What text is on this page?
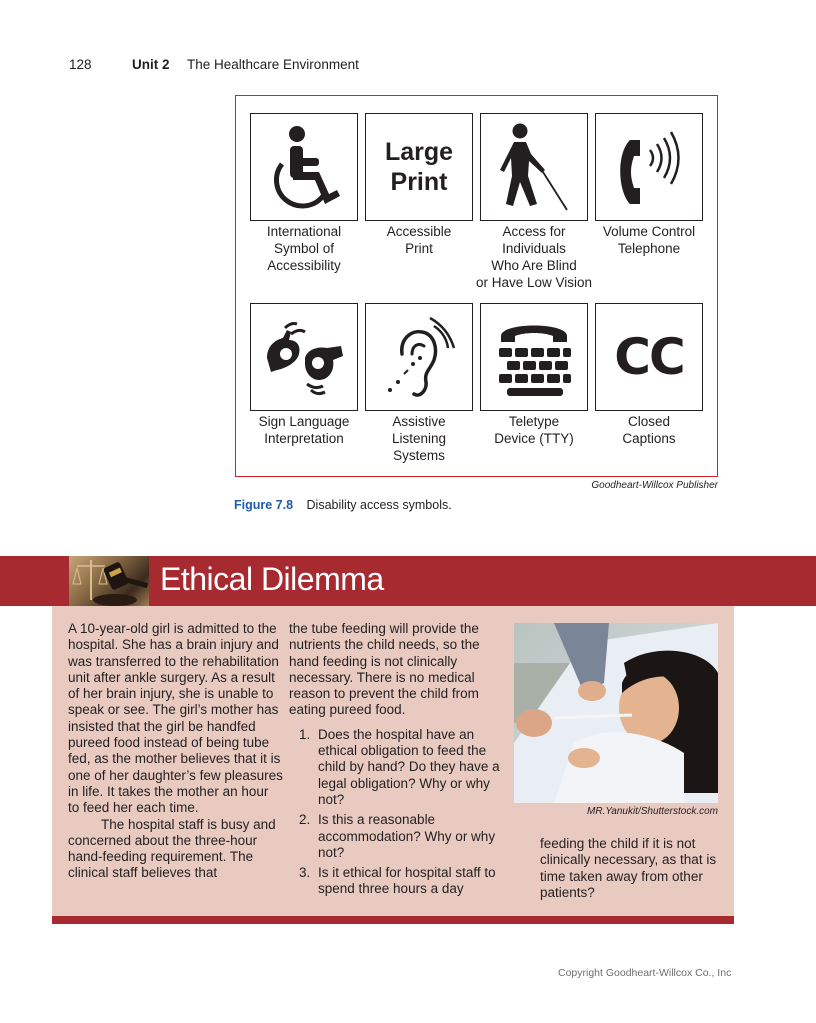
128	Unit 2 The Healthcare Environment
International
Symbol of
Accessibility
Large
Print
Accessible
Print
Access for
Individuals
Who Are Blind
or Have Low Vision
Volume Control
Telephone
Sign Language
Interpretation
Assistive
Listening
Systems
Teletype
Device (TTY)
CC
Closed
Captions
Goodheart-Willcox Publisher
Figure 7.8 Disability access symbols.
Ethical Dilemma

A 10-year-old girl is admitted to the hospital. She has a brain injury and was transferred to the rehabilitation unit after ankle surgery. As a result of her brain injury, she is unable to speak or see. The girl’s mother has insisted that the girl be handfed pureed food instead of being tube fed, as the mother believes that it is one of her daughter’s few pleasures in life. It takes the mother an hour to feed her each time.

The hospital staff is busy and concerned about the three-hour hand-feeding requirement. The clinical staff believes that

the tube feeding will provide the nutrients the child needs, so the hand feeding is not clinically necessary. There is no medical reason to prevent the child from eating pureed food.

1. Does the hospital have an ethical obligation to feed the child by hand? Do they have a legal obligation? Why or why not?
2. Is this a reasonable accommodation? Why or why not?
3. Is it ethical for hospital staff to spend three hours a day
MR.Yanukit/Shutterstock.com

feeding the child if it is not clinically necessary, as that is time taken away from other patients?

Copyright Goodheart-Willcox Co., Inc
